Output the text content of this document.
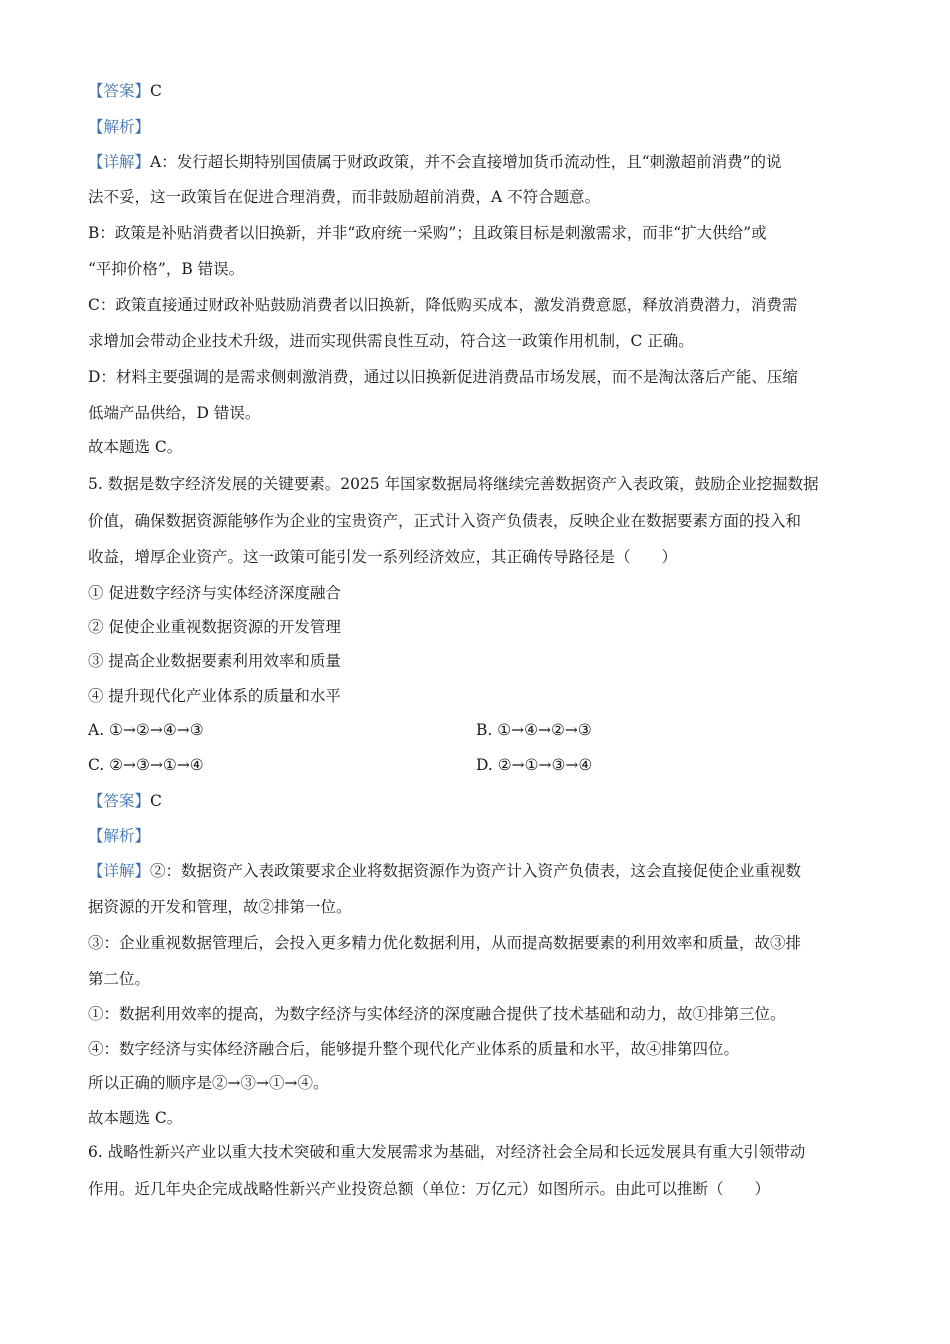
【答案】C
【解析】
【详解】A：发行超长期特别国债属于财政政策，并不会直接增加货币流动性，且“刺激超前消费”的说
法不妥，这一政策旨在促进合理消费，而非鼓励超前消费，A 不符合题意。
B：政策是补贴消费者以旧换新，并非“政府统一采购”；且政策目标是刺激需求，而非“扩大供给”或
“平抑价格”，B 错误。
C：政策直接通过财政补贴鼓励消费者以旧换新，降低购买成本，激发消费意愿，释放消费潜力，消费需
求增加会带动企业技术升级，进而实现供需良性互动，符合这一政策作用机制，C 正确。
D：材料主要强调的是需求侧刺激消费，通过以旧换新促进消费品市场发展，而不是淘汰落后产能、压缩
低端产品供给，D 错误。
故本题选 C。
5. 数据是数字经济发展的关键要素。2025 年国家数据局将继续完善数据资产入表政策，鼓励企业挖掘数据
价值，确保数据资源能够作为企业的宝贵资产，正式计入资产负债表，反映企业在数据要素方面的投入和
收益，增厚企业资产。这一政策可能引发一系列经济效应，其正确传导路径是（　　）
① 促进数字经济与实体经济深度融合
② 促使企业重视数据资源的开发管理
③ 提高企业数据要素利用效率和质量
④ 提升现代化产业体系的质量和水平
A. ①→②→④→③	B. ①→④→②→③
C. ②→③→①→④	D. ②→①→③→④
【答案】C
【解析】
【详解】②：数据资产入表政策要求企业将数据资源作为资产计入资产负债表，这会直接促使企业重视数
据资源的开发和管理，故②排第一位。
③：企业重视数据管理后，会投入更多精力优化数据利用，从而提高数据要素的利用效率和质量，故③排
第二位。
①：数据利用效率的提高，为数字经济与实体经济的深度融合提供了技术基础和动力，故①排第三位。
④：数字经济与实体经济融合后，能够提升整个现代化产业体系的质量和水平，故④排第四位。
所以正确的顺序是②→③→①→④。
故本题选 C。
6. 战略性新兴产业以重大技术突破和重大发展需求为基础，对经济社会全局和长远发展具有重大引领带动
作用。近几年央企完成战略性新兴产业投资总额（单位：万亿元）如图所示。由此可以推断（　　）
